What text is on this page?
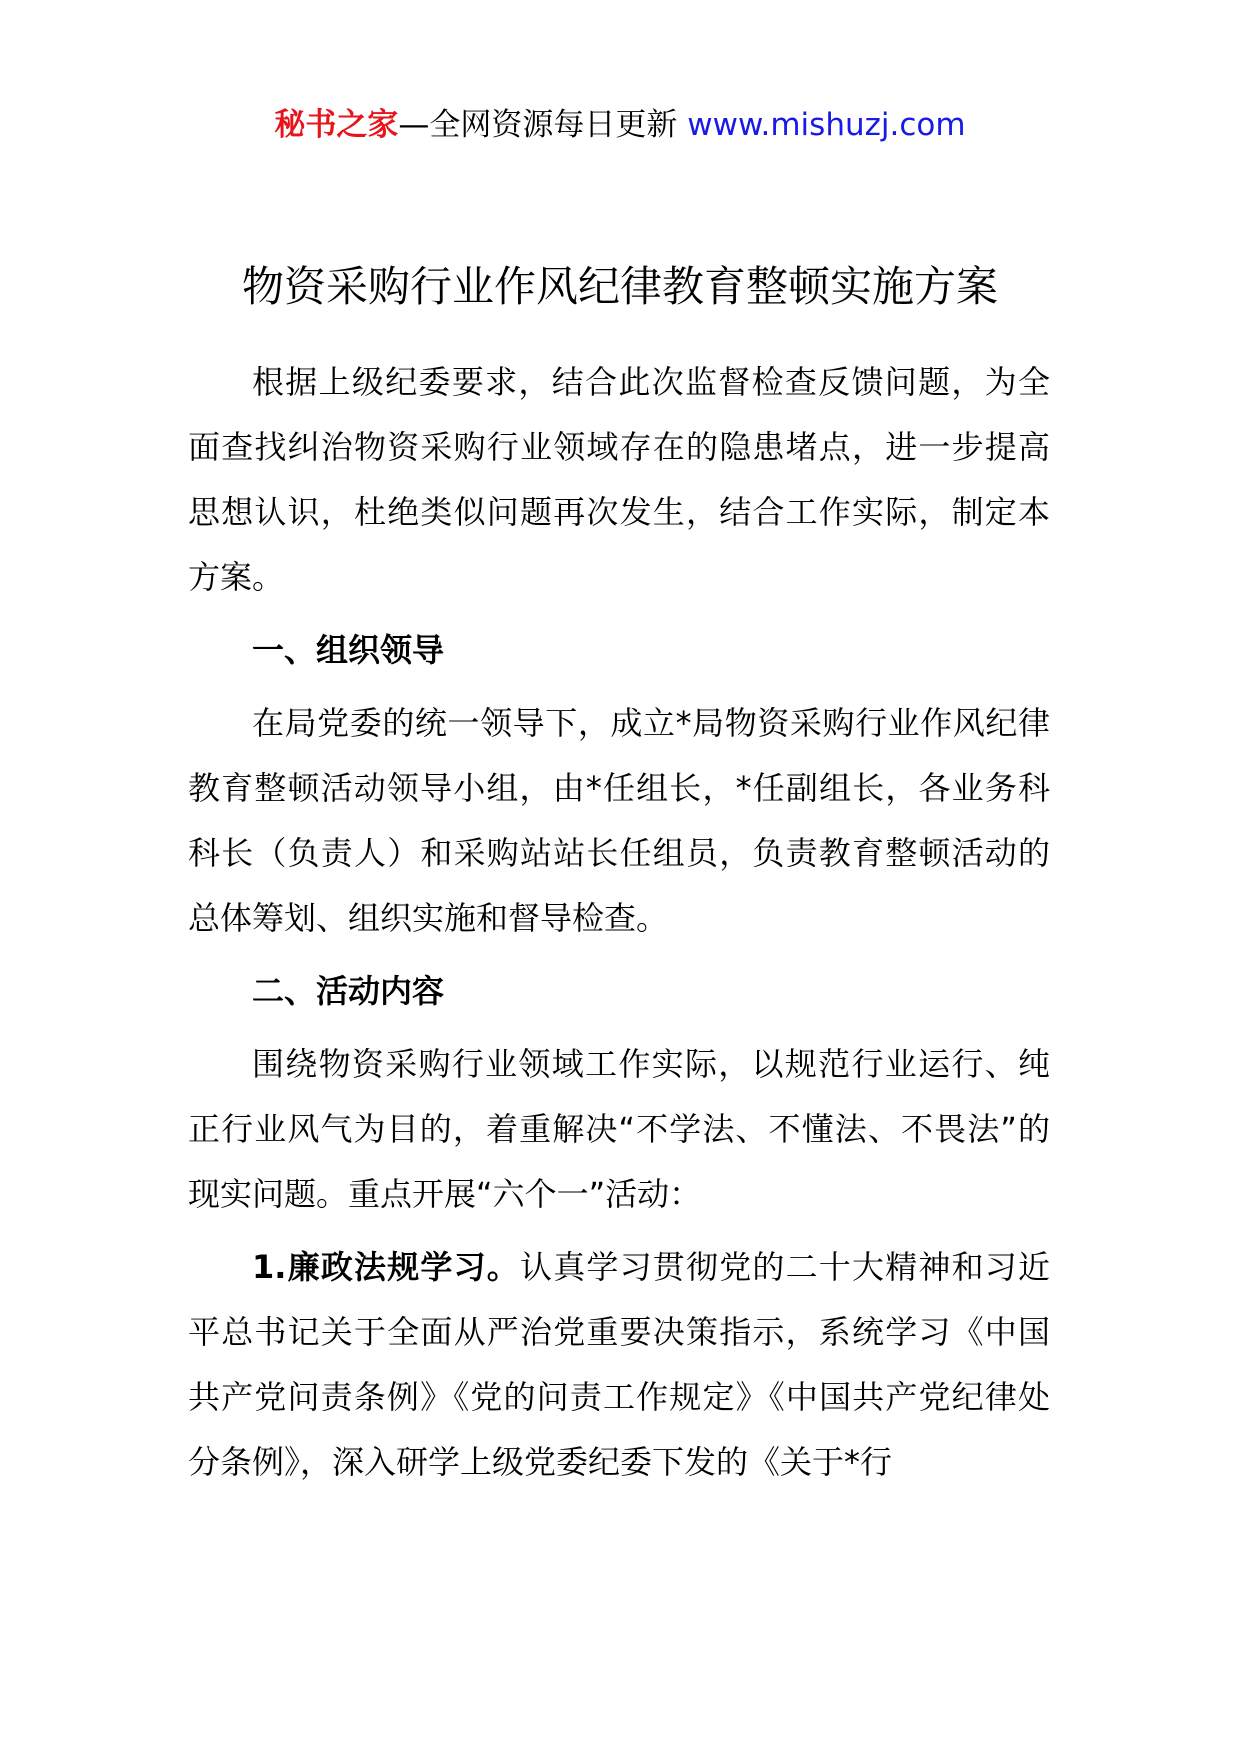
秘书之家—全网资源每日更新 www.mishuzj.com
物资采购行业作风纪律教育整顿实施方案

根据上级纪委要求，结合此次监督检查反馈问题，为全面查找纠治物资采购行业领域存在的隐患堵点，进一步提高思想认识，杜绝类似问题再次发生，结合工作实际，制定本方案。

一、组织领导

在局党委的统一领导下，成立*局物资采购行业作风纪律教育整顿活动领导小组，由*任组长，*任副组长，各业务科科长（负责人）和采购站站长任组员，负责教育整顿活动的总体筹划、组织实施和督导检查。

二、活动内容

围绕物资采购行业领域工作实际，以规范行业运行、纯正行业风气为目的，着重解决“不学法、不懂法、不畏法”的现实问题。重点开展“六个一”活动：

1.廉政法规学习。认真学习贯彻党的二十大精神和习近平总书记关于全面从严治党重要决策指示，系统学习《中国共产党问责条例》《党的问责工作规定》《中国共产党纪律处分条例》，深入研学上级党委纪委下发的《关于*行
